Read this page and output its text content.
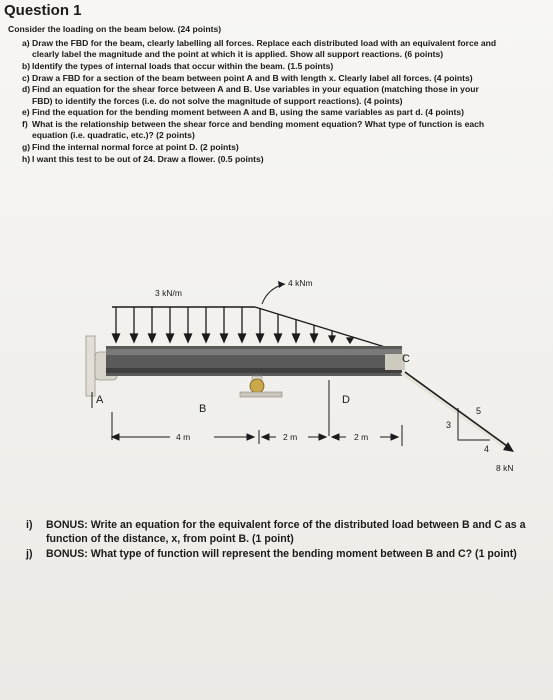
Question 1
Consider the loading on the beam below. (24 points)
a) Draw the FBD for the beam, clearly labelling all forces. Replace each distributed load with an equivalent force and clearly label the magnitude and the point at which it is applied. Show all support reactions. (6 points)
b) Identify the types of internal loads that occur within the beam. (1.5 points)
c) Draw a FBD for a section of the beam between point A and B with length x. Clearly label all forces. (4 points)
d) Find an equation for the shear force between A and B. Use variables in your equation (matching those in your FBD) to identify the forces (i.e. do not solve the magnitude of support reactions). (4 points)
e) Find the equation for the bending moment between A and B, using the same variables as part d. (4 points)
f) What is the relationship between the shear force and bending moment equation? What type of function is each equation (i.e. quadratic, etc.)? (2 points)
g) Find the internal normal force at point D. (2 points)
h) I want this test to be out of 24. Draw a flower. (0.5 points)
3 kN/m
4 kNm
A
B
D
C
4 m	2 m	2 m
3
4
5
8 kN
i) BONUS: Write an equation for the equivalent force of the distributed load between B and C as a function of the distance, x, from point B. (1 point)
j) BONUS: What type of function will represent the bending moment between B and C? (1 point)
